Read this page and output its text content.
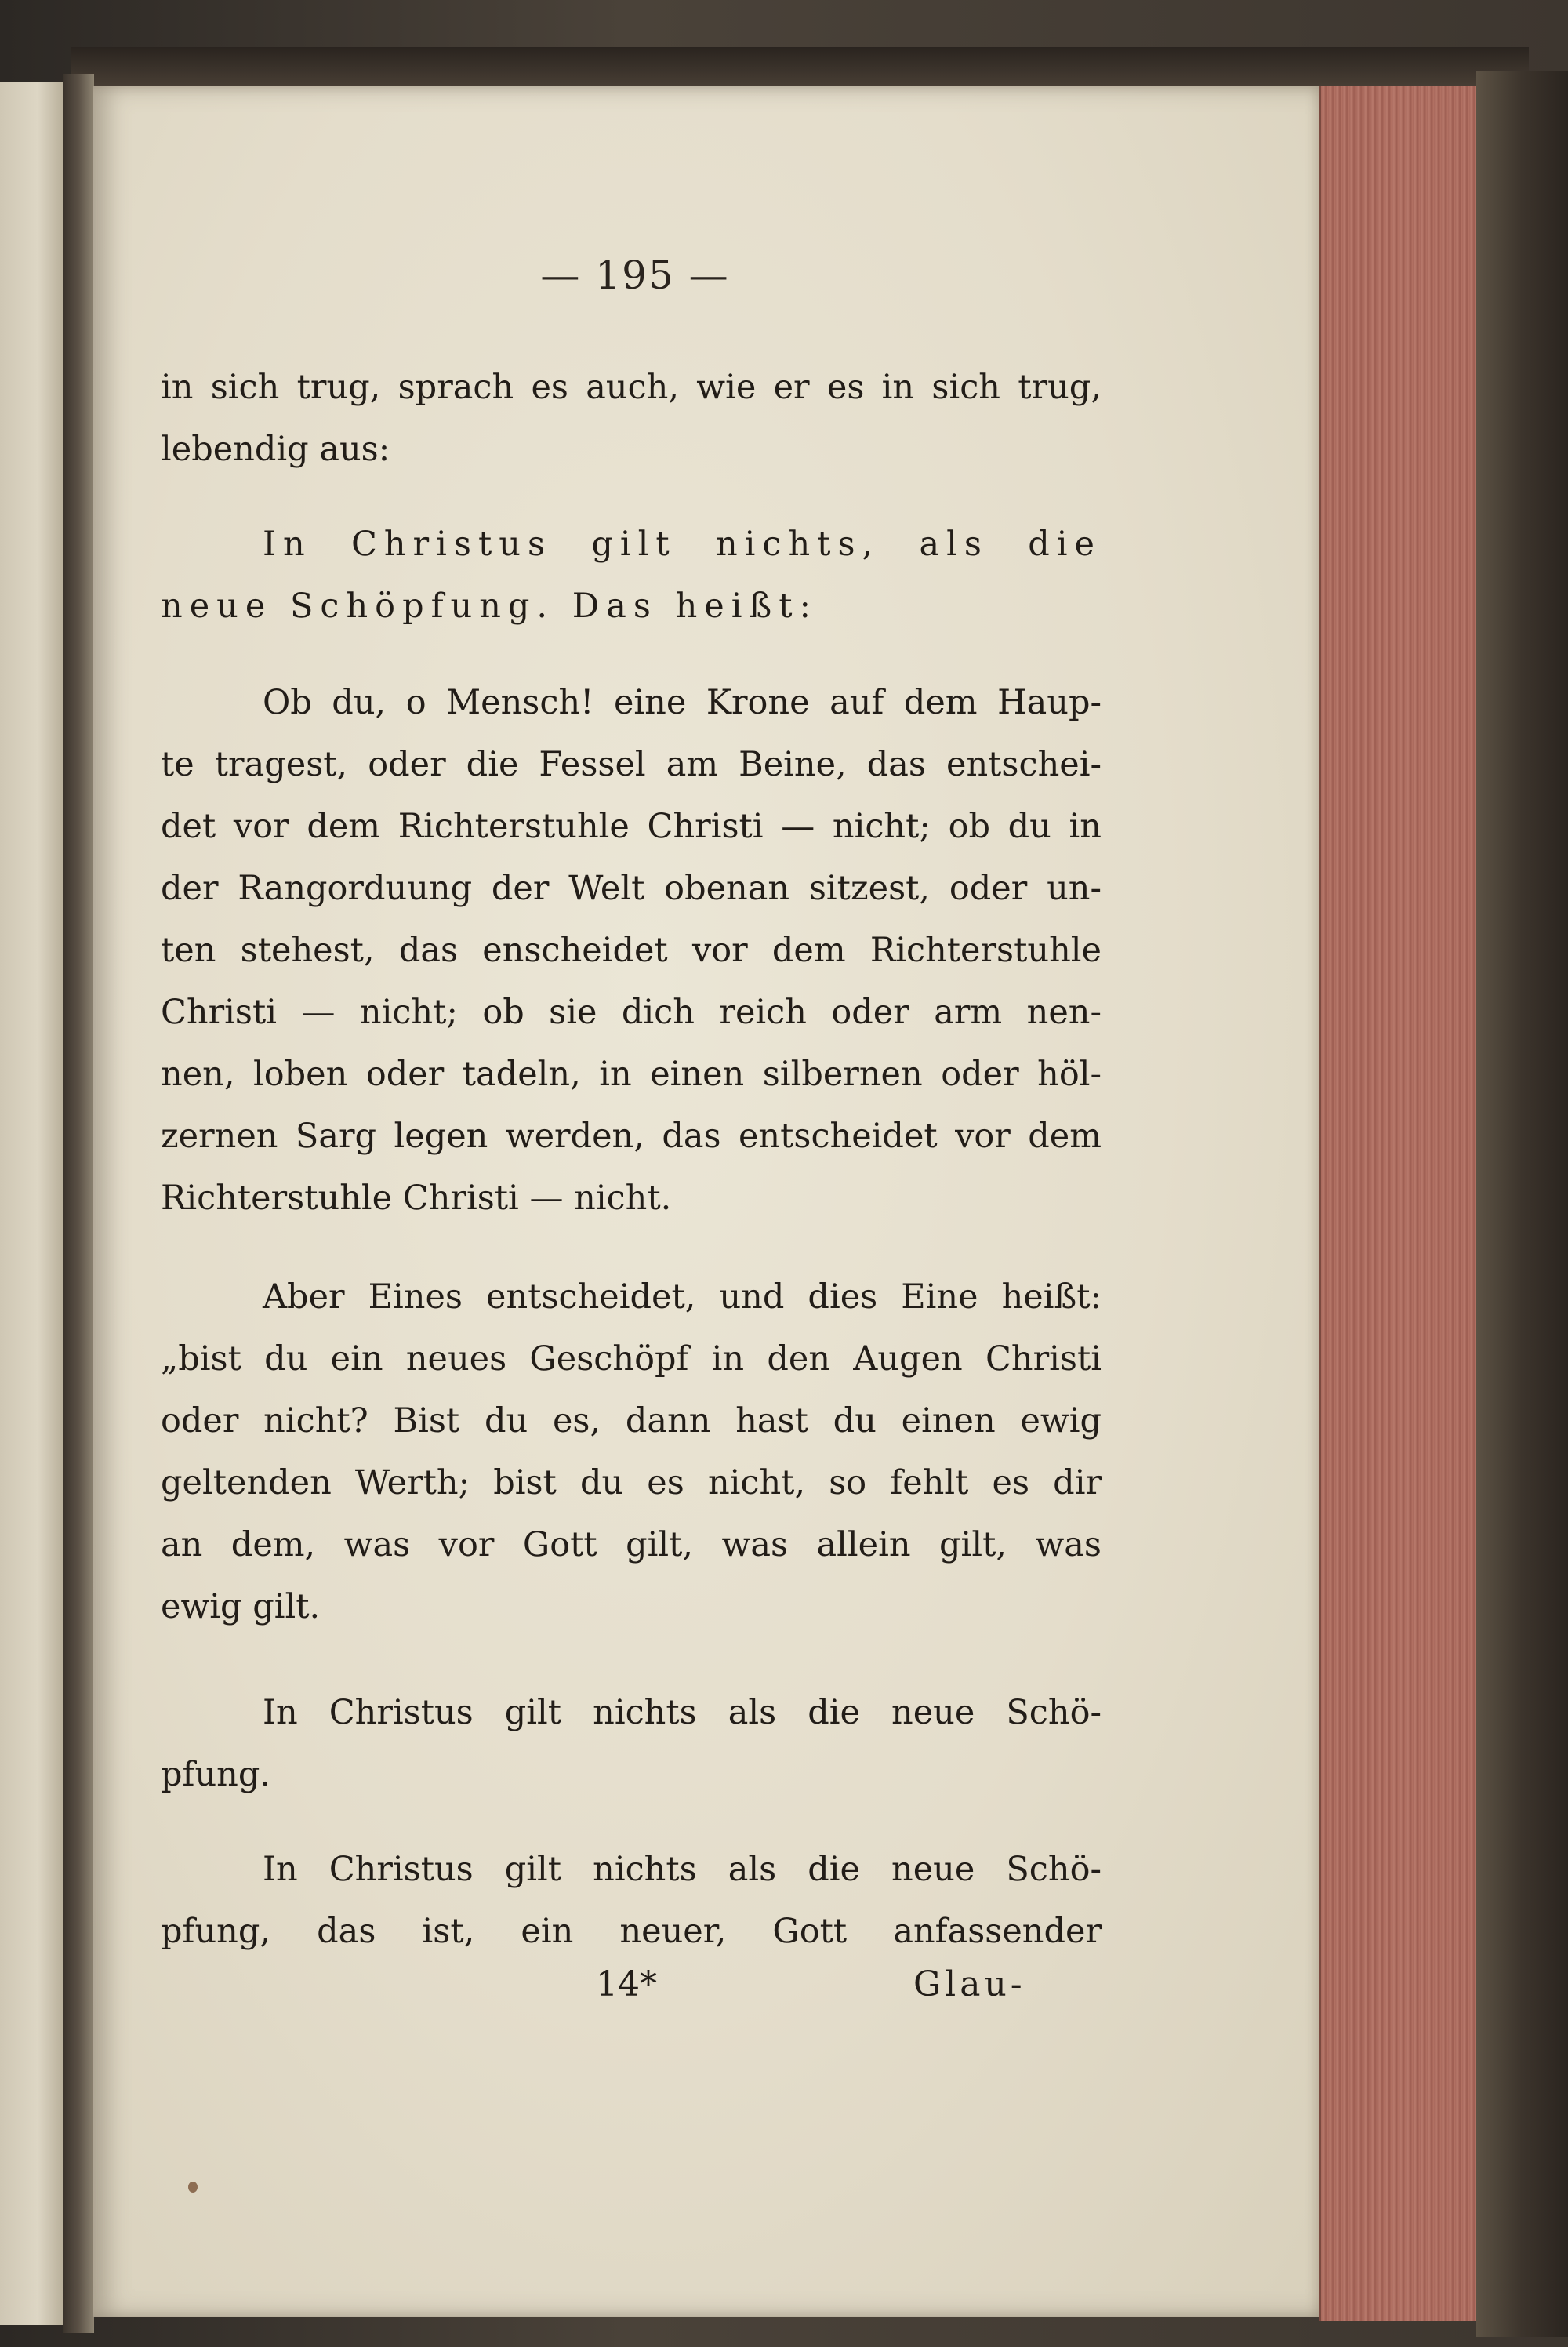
— 195 —
in sich trug, sprach es auch, wie er es in sich trug,
lebendig aus:
In Christus gilt nichts, als die
neue Schöpfung. Das heißt:
Ob du, o Mensch! eine Krone auf dem Haup-
te tragest, oder die Fessel am Beine, das entschei-
det vor dem Richterstuhle Christi — nicht; ob du in
der Rangorduung der Welt obenan sitzest, oder un-
ten stehest, das enscheidet vor dem Richterstuhle
Christi — nicht; ob sie dich reich oder arm nen-
nen, loben oder tadeln, in einen silbernen oder höl-
zernen Sarg legen werden, das entscheidet vor dem
Richterstuhle Christi — nicht.
Aber Eines entscheidet, und dies Eine heißt:
„bist du ein neues Geschöpf in den Augen Christi
oder nicht? Bist du es, dann hast du einen ewig
geltenden Werth; bist du es nicht, so fehlt es dir
an dem, was vor Gott gilt, was allein gilt, was
ewig gilt.
In Christus gilt nichts als die neue Schö-
pfung.
In Christus gilt nichts als die neue Schö-
pfung, das ist, ein neuer, Gott anfassender
14*	Glau-
